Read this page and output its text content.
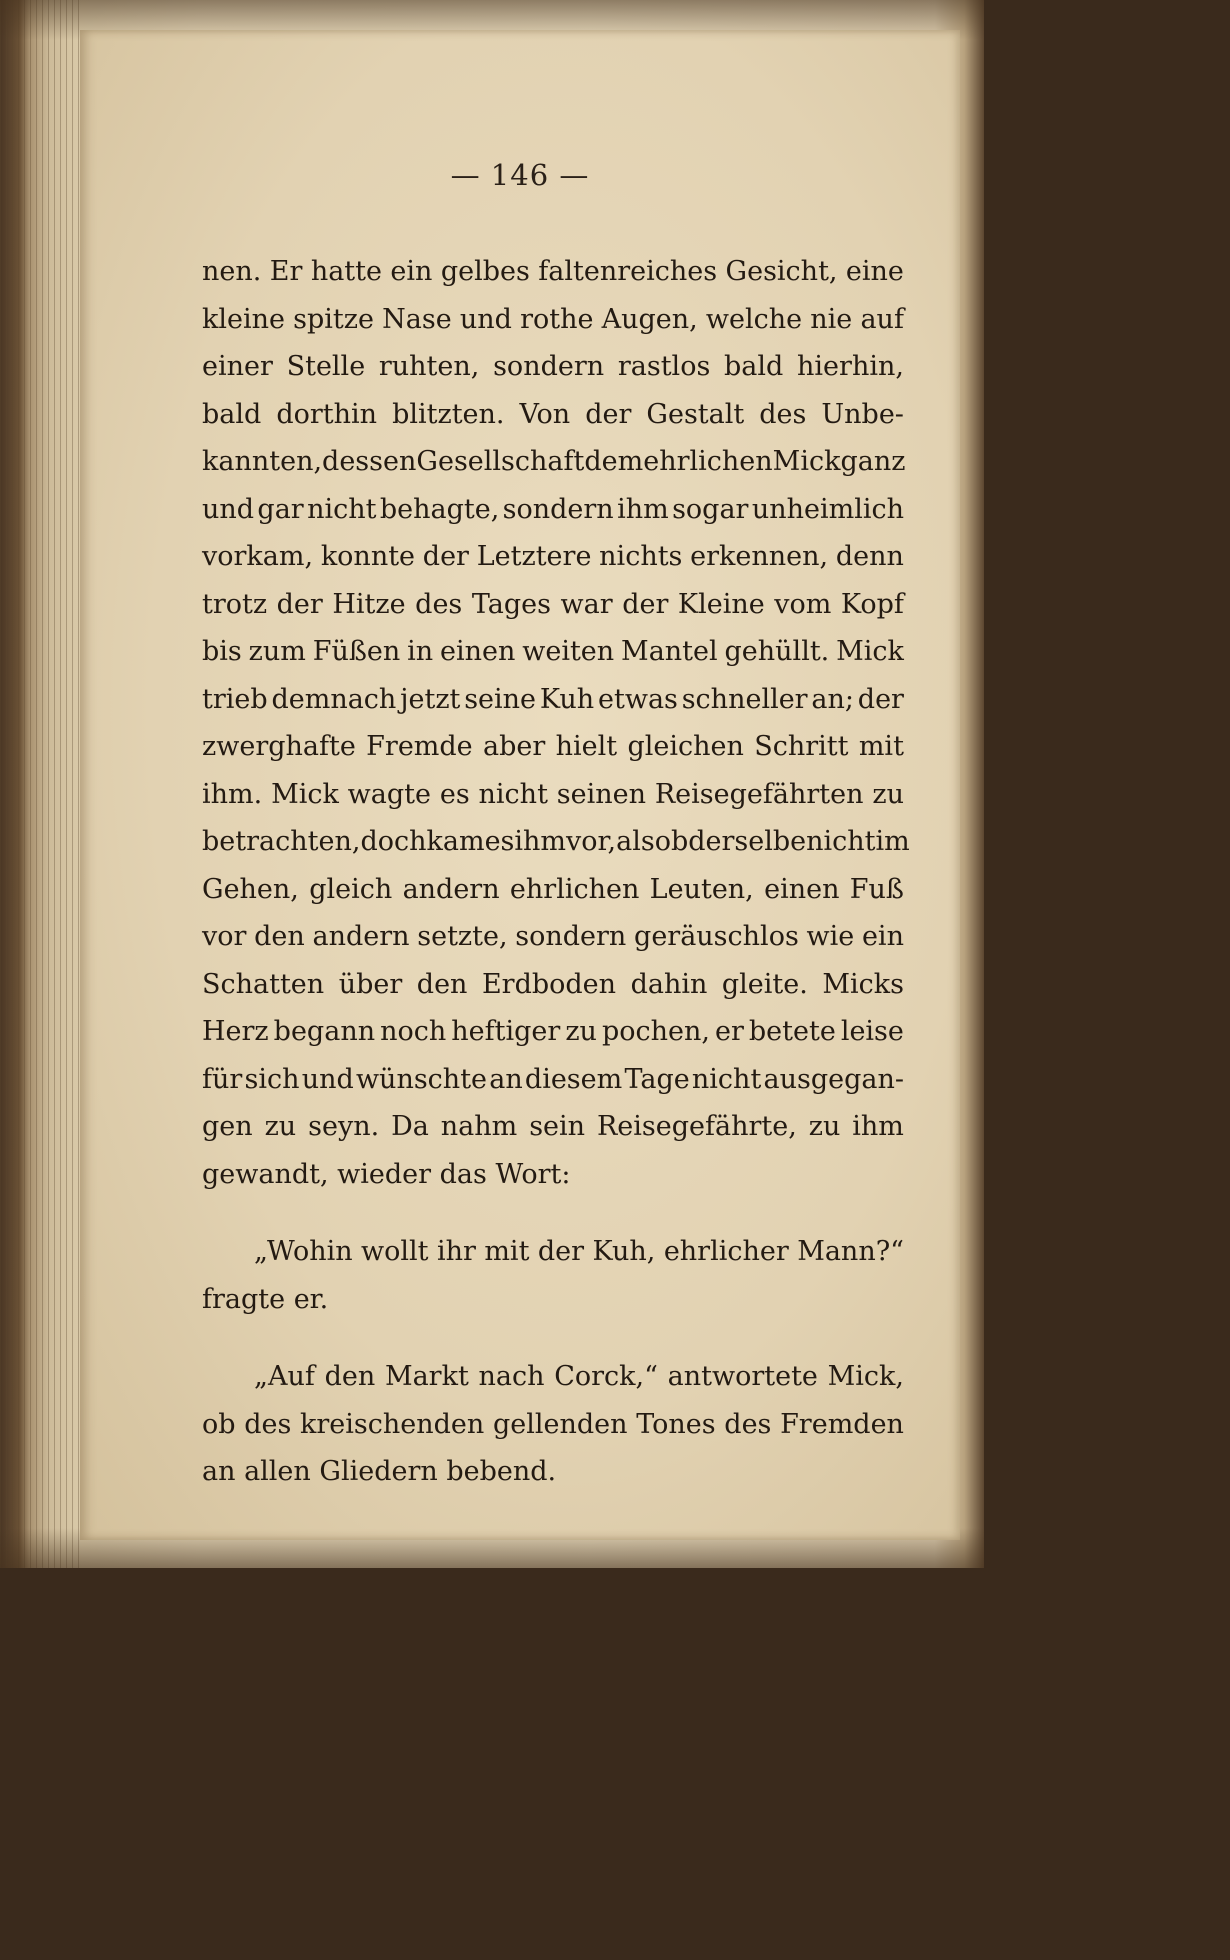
— 146 —
nen. Er hatte ein gelbes faltenreiches Gesicht, eine
kleine spitze Nase und rothe Augen, welche nie auf
einer Stelle ruhten, sondern rastlos bald hierhin,
bald dorthin blitzten. Von der Gestalt des Unbe-
kannten, dessen Gesellschaft dem ehrlichen Mick ganz
und gar nicht behagte, sondern ihm sogar unheimlich
vorkam, konnte der Letztere nichts erkennen, denn
trotz der Hitze des Tages war der Kleine vom Kopf
bis zum Füßen in einen weiten Mantel gehüllt. Mick
trieb demnach jetzt seine Kuh etwas schneller an; der
zwerghafte Fremde aber hielt gleichen Schritt mit
ihm. Mick wagte es nicht seinen Reisegefährten zu
betrachten, doch kam es ihm vor, als ob derselbe nicht im
Gehen, gleich andern ehrlichen Leuten, einen Fuß
vor den andern setzte, sondern geräuschlos wie ein
Schatten über den Erdboden dahin gleite. Micks
Herz begann noch heftiger zu pochen, er betete leise
für sich und wünschte an diesem Tage nicht ausgegan-
gen zu seyn. Da nahm sein Reisegefährte, zu ihm
gewandt, wieder das Wort:
„Wohin wollt ihr mit der Kuh, ehrlicher Mann?“
fragte er.
„Auf den Markt nach Corck,“ antwortete Mick,
ob des kreischenden gellenden Tones des Fremden
an allen Gliedern bebend.
